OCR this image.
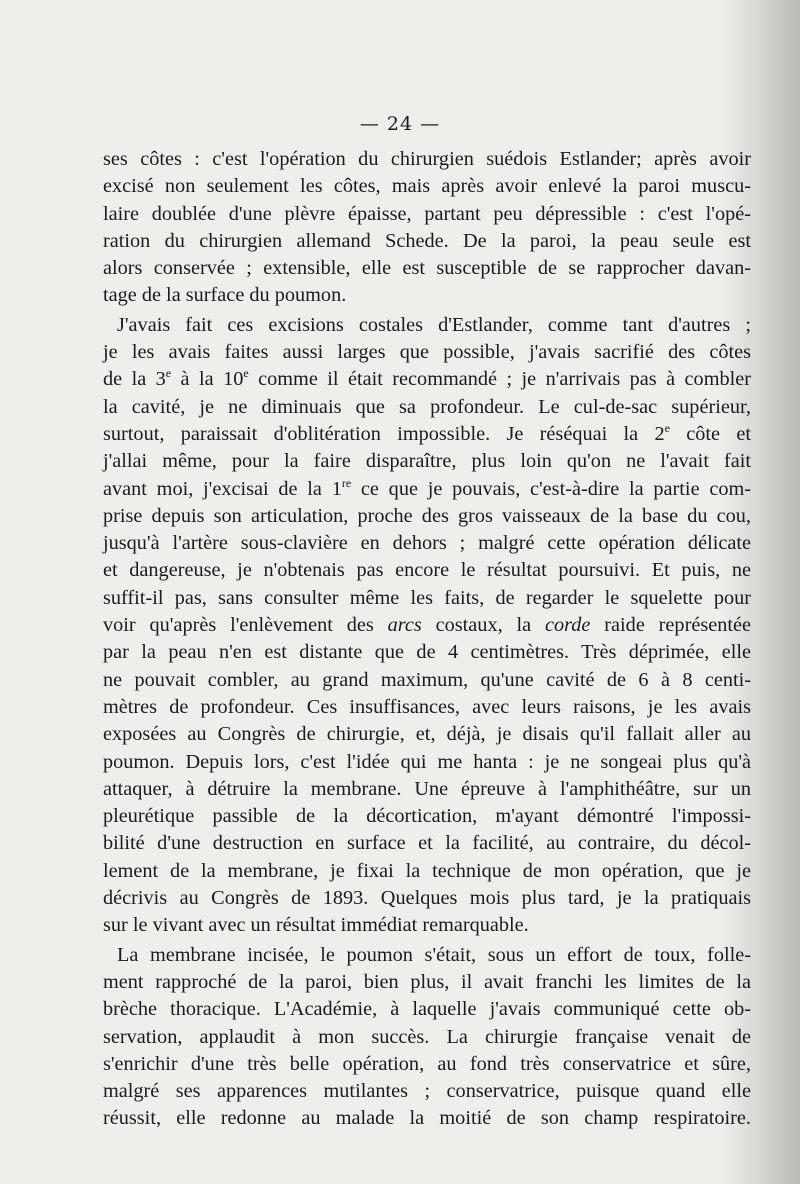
— 24 —
ses côtes : c'est l'opération du chirurgien suédois Estlander; après avoir
excisé non seulement les côtes, mais après avoir enlevé la paroi muscu-
laire doublée d'une plèvre épaisse, partant peu dépressible : c'est l'opé-
ration du chirurgien allemand Schede. De la paroi, la peau seule est
alors conservée ; extensible, elle est susceptible de se rapprocher davan-
tage de la surface du poumon.
J'avais fait ces excisions costales d'Estlander, comme tant d'autres ;
je les avais faites aussi larges que possible, j'avais sacrifié des côtes
de la 3e à la 10e comme il était recommandé ; je n'arrivais pas à combler
la cavité, je ne diminuais que sa profondeur. Le cul-de-sac supérieur,
surtout, paraissait d'oblitération impossible. Je réséquai la 2e côte et
j'allai même, pour la faire disparaître, plus loin qu'on ne l'avait fait
avant moi, j'excisai de la 1re ce que je pouvais, c'est-à-dire la partie com-
prise depuis son articulation, proche des gros vaisseaux de la base du cou,
jusqu'à l'artère sous-clavière en dehors ; malgré cette opération délicate
et dangereuse, je n'obtenais pas encore le résultat poursuivi. Et puis, ne
suffit-il pas, sans consulter même les faits, de regarder le squelette pour
voir qu'après l'enlèvement des arcs costaux, la corde raide représentée
par la peau n'en est distante que de 4 centimètres. Très déprimée, elle
ne pouvait combler, au grand maximum, qu'une cavité de 6 à 8 centi-
mètres de profondeur. Ces insuffisances, avec leurs raisons, je les avais
exposées au Congrès de chirurgie, et, déjà, je disais qu'il fallait aller au
poumon. Depuis lors, c'est l'idée qui me hanta : je ne songeai plus qu'à
attaquer, à détruire la membrane. Une épreuve à l'amphithéâtre, sur un
pleurétique passible de la décortication, m'ayant démontré l'impossi-
bilité d'une destruction en surface et la facilité, au contraire, du décol-
lement de la membrane, je fixai la technique de mon opération, que je
décrivis au Congrès de 1893. Quelques mois plus tard, je la pratiquais
sur le vivant avec un résultat immédiat remarquable.
La membrane incisée, le poumon s'était, sous un effort de toux, folle-
ment rapproché de la paroi, bien plus, il avait franchi les limites de la
brèche thoracique. L'Académie, à laquelle j'avais communiqué cette ob-
servation, applaudit à mon succès. La chirurgie française venait de
s'enrichir d'une très belle opération, au fond très conservatrice et sûre,
malgré ses apparences mutilantes ; conservatrice, puisque quand elle
réussit, elle redonne au malade la moitié de son champ respiratoire.
